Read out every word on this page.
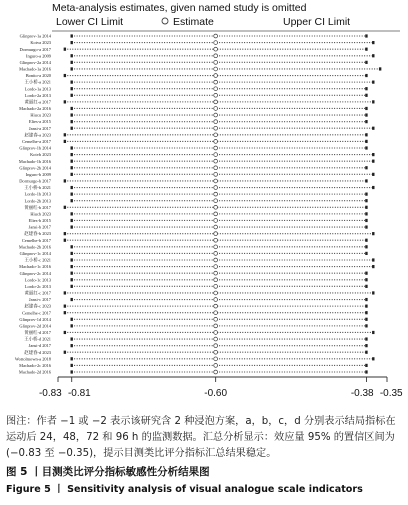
Meta-analysis estimates, given named study is omitted
Lower CI Limit	Estimate	Upper CI Limit
Glinprov-1a 2014
Kotva 2023
Dormurgo-a 2017
Inguro-a 2009
Glinprov-2a 2014
Machado-1a 2016
Bonito-a 2020
王小桥-a 2021
Lordo-1a 2013
Lordo-2a 2013
黄丽红-a 2017
Machado-2a 2016
Hiucu 2023
Elies-a 2015
Jansi-a 2017
赵建春-a 2023
Cemelhe-a 2017
Glinprov-1b 2014
Kotvb 2023
Machado-1b 2016
Glinprov-2b 2014
Inguro-b 2009
Dormurgo-b 2017
王小桥-b 2021
Lordo-1b 2013
Lordo-2b 2013
黄丽红-b 2017
Hiucb 2023
Elies-b 2015
Jansi-b 2017
赵建春-b 2023
Cemelhe-b 2017
Machado-2b 2016
Glinprov-1c 2014
王小桥-c 2021
Machado-1c 2016
Glinprov-2c 2014
Lordo-1c 2013
Lordo-2c 2013
黄丽红-c 2017
Jansi-c 2017
赵建春-c 2023
Cemelhe-c 2017
Glinprov-1d 2014
Glinprov-2d 2014
黄丽红-d 2017
王小桥-d 2021
Jansi-d 2017
赵建春-d 2023
Wottolmown-a 2018
Machado-2c 2016
Machado-2d 2016
-0.83 -0.81	-0.60	-0.38 -0.35
图注：作者 −1 或 −2 表示该研究含 2 种浸泡方案，a，b，c，d 分别表示结局指标在运动后 24，48，72 和 96 h 的监测数据。汇总分析显示：效应量 95% 的置信区间为 (−0.83 至 −0.35)，提示目测类比评分指标汇总结果稳定。
图 5 丨目测类比评分指标敏感性分析结果图
Figure 5 丨 Sensitivity analysis of visual analogue scale indicators
